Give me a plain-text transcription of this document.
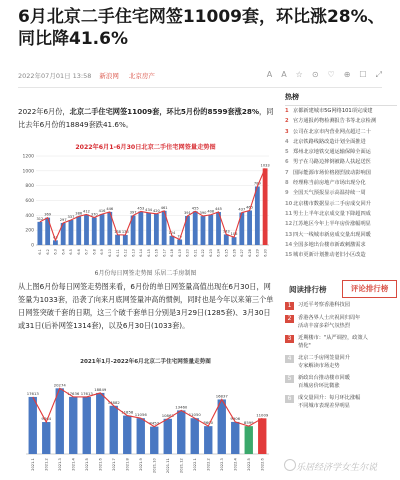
6月北京二手住宅网签11009套，环比涨28%、同比降41.6%
2022年07月01日 13:58 新浪网 北京房产	A A ☆ ⊙ ♡ ⊕ ☐ ⤢
2022年6月份，北京二手住宅网签11009套，环比5月份的8599套涨28%，同比去年6月份的18849套跌41.6%。
2022年6月1-6月30日北京二手住宅网签量走势图
0
200
400
600
800
1000
1200
312
6.1
369
6.2
63
6.3
297
6.4
337
6.5
386
6.6
412
6.7
370
6.8
416
6.9
446
6.10
138
6.11
135
6.12
397
6.13
453
6.14
434
6.15
420
6.16
461
6.17
124
6.18
74
6.19
391
6.20
455
6.21
390
6.22
408
6.23
445
6.24
143
6.25
106
6.26
437
6.27
465
6.28
789
6.29
1033
6.30
6月份每日网签走势图 乐居二手房制图
从上图6月份每日网签走势图来看，6月份的单日网签量高值出现在6月30日，网签量为1033套，沿袭了向来月底网签量冲高的惯例，同时也是今年以来第三个单日网签突破千套的日期，这三个破千套单日分别是3月29日(1285套)、3月30日或31日(后补网签1314套)，以及6月30日(1033套)。
2021年1月-2022年6月北京二手住宅网签量走势图
17613
2021.1
9864
2021.2
20274
2021.3
17636
2021.4
17613
2021.5
18849
2021.6
14882
2021.7
11858
2021.8
11056
2021.9
8453
2021.10
10863
2021.11
13460
2021.12
11050
2022.1
8600
2022.2
16837
2022.3
9906
2022.4
8599
2022.5
11009
2022.6
热榜
1 京都新建城市5G网络101项完成建
2 官方通报药物检测报告书等北京检测
3 公司在北京市内营业网点超过二十
4 北京铁路线路改造计划全面推进
5 郑州北京地铁交通运输保障全面运
6 男子在马路边摔倒被路人扶起送医
7 国际能源市场价格剧烈波动影响国
8 经理称当前房地产市场出现分化
9 全国天气预报显示高温持续一周
10 北京楼市数据显示二手房成交回升
11 男士上半年北京成交量下降超四成
12 江苏地区今年上半年房价涨幅明显
13 四大一线城市新房成交量出现回暖
14 全国多地出台楼市新政刺激需求
15 城市更新计划推动老旧小区改造
阅读排行榜	评论排行榜
1	习近平考察香港科技园
2	香港各界人士庆祝回归周年
活动丰富多彩气氛热烈
3	近期楼市："从严调控，政策人
情化"
4	北京二手房网签量回升
专家解读市场走势
5	新政出台推动楼市回暖
百城房价环比微涨
6	成交量回升：每月环比涨幅
不同城市表现差异明显
乐居经济学女生尔说
